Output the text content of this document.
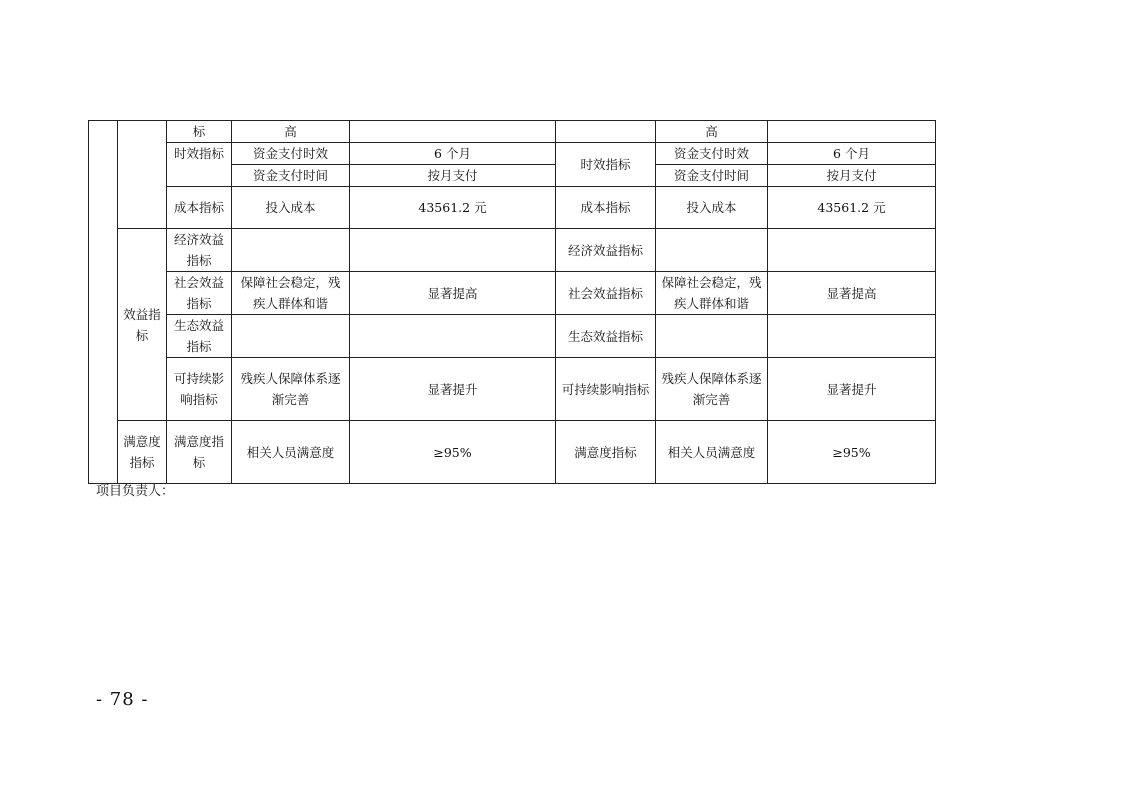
		标	高			高	
		时效指标	资金支付时效	6 个月	时效指标	资金支付时效	6 个月
			资金支付时间	按月支付		资金支付时间	按月支付
		成本指标	投入成本	43561.2 元	成本指标	投入成本	43561.2 元
	效益指标	经济效益指标			经济效益指标		
		社会效益指标	保障社会稳定，残疾人群体和谐	显著提高	社会效益指标	保障社会稳定，残疾人群体和谐	显著提高
		生态效益指标			生态效益指标		
		可持续影响指标	残疾人保障体系逐渐完善	显著提升	可持续影响指标	残疾人保障体系逐渐完善	显著提升
	满意度指标	满意度指标	相关人员满意度	≥95%	满意度指标	相关人员满意度	≥95%
项目负责人：
- 78 -
